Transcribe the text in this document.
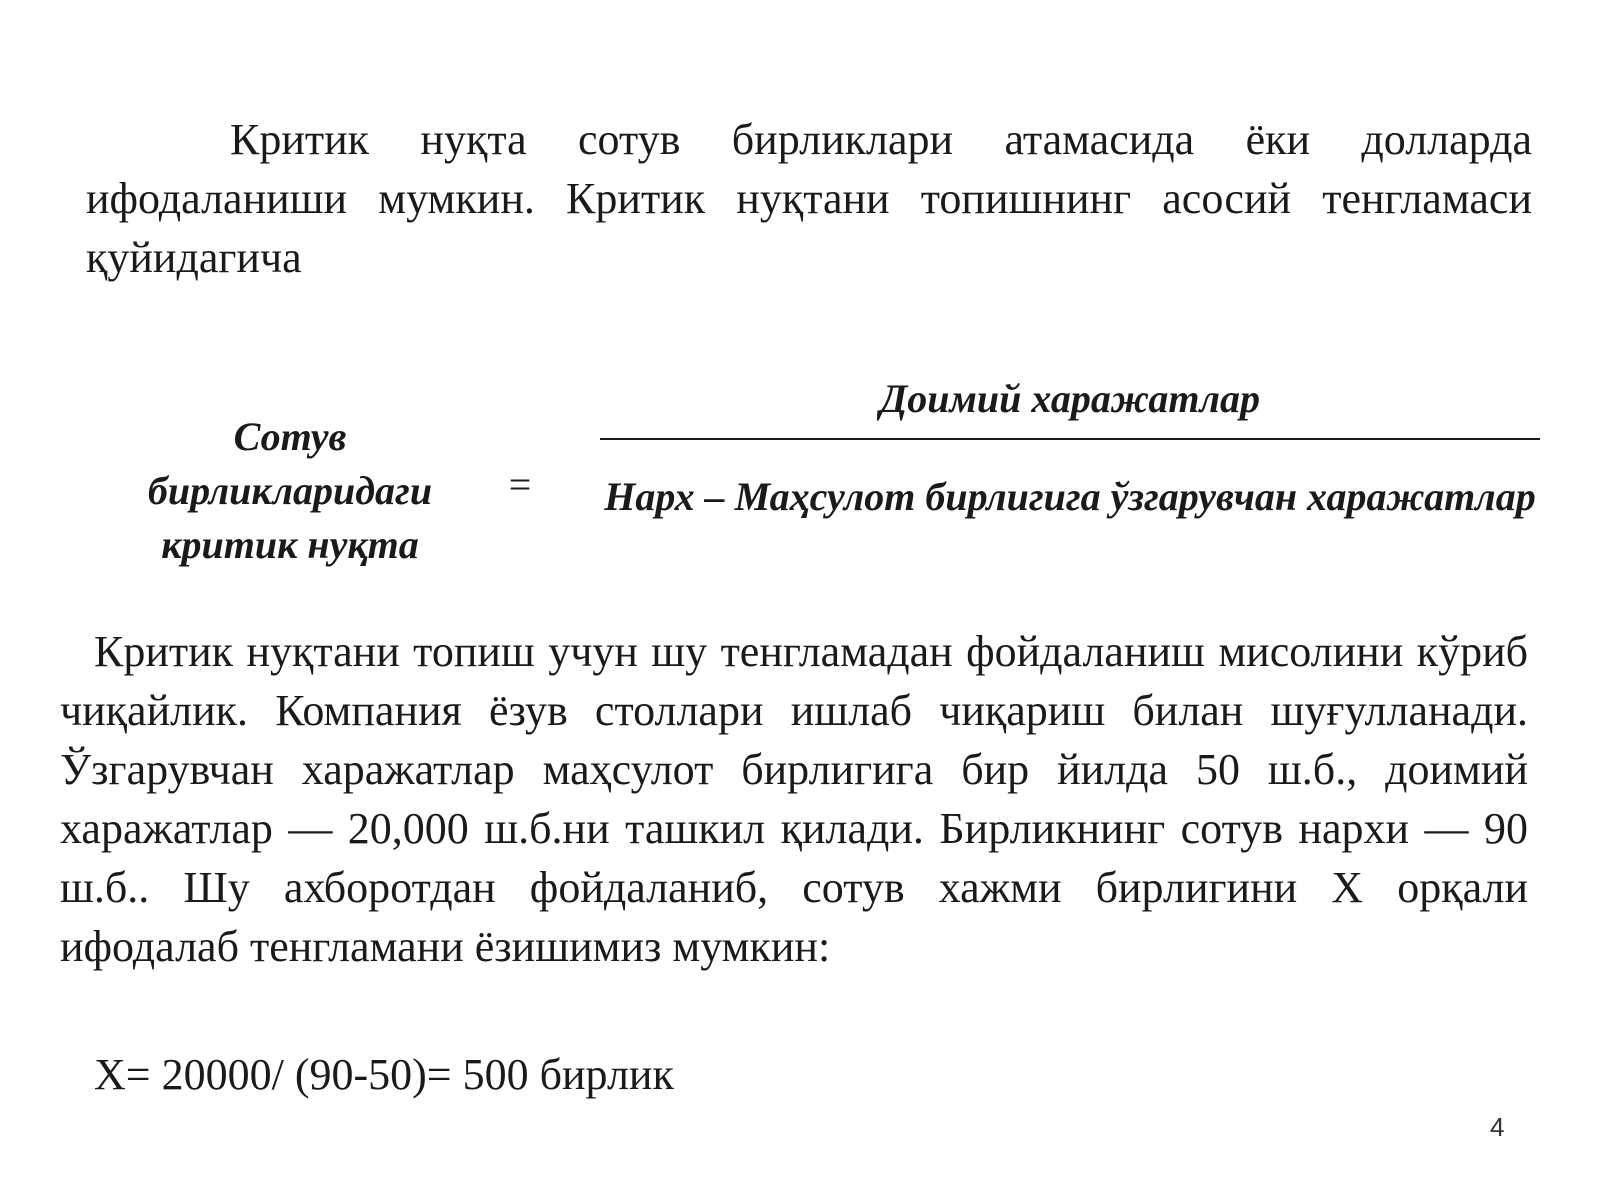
Критик нуқта сотув бирликлари атамасида ёки долларда ифодаланиши мумкин. Критик нуқтани топишнинг асосий тенгламаси қуйидагича

Сотув бирликларидаги критик нуқта
=
Доимий харажатлар
Нарх – Маҳсулот бирлигига ўзгарувчан харажатлар

Критик нуқтани топиш учун шу тенгламадан фойдаланиш мисолини кўриб чиқайлик. Компания ёзув столлари ишлаб чиқариш билан шуғулланади. Ўзгарувчан харажатлар маҳсулот бирлигига бир йилда 50 ш.б., доимий харажатлар — 20,000 ш.б.ни ташкил қилади. Бирликнинг сотув нархи — 90 ш.б.. Шу ахборотдан фойдаланиб, сотув хажми бирлигини X орқали ифодалаб тенгламани ёзишимиз мумкин:

X= 20000/ (90-50)= 500 бирлик

4
